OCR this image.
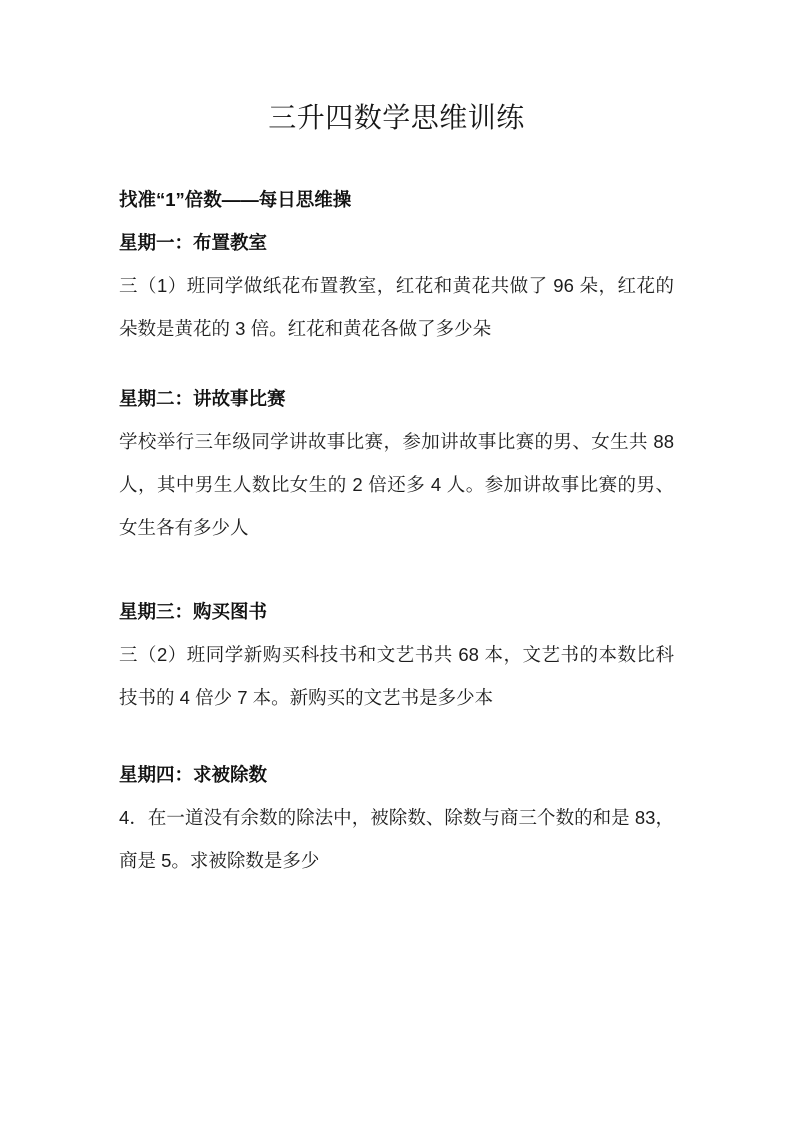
三升四数学思维训练
找准“1”倍数——每日思维操
星期一：布置教室

三（1）班同学做纸花布置教室，红花和黄花共做了 96 朵，红花的朵数是黄花的 3 倍。红花和黄花各做了多少朵

星期二：讲故事比赛

学校举行三年级同学讲故事比赛，参加讲故事比赛的男、女生共 88 人，其中男生人数比女生的 2 倍还多 4 人。参加讲故事比赛的男、女生各有多少人

星期三：购买图书

三（2）班同学新购买科技书和文艺书共 68 本，文艺书的本数比科技书的 4 倍少 7 本。新购买的文艺书是多少本

星期四：求被除数

4．在一道没有余数的除法中，被除数、除数与商三个数的和是 83，商是 5。求被除数是多少
